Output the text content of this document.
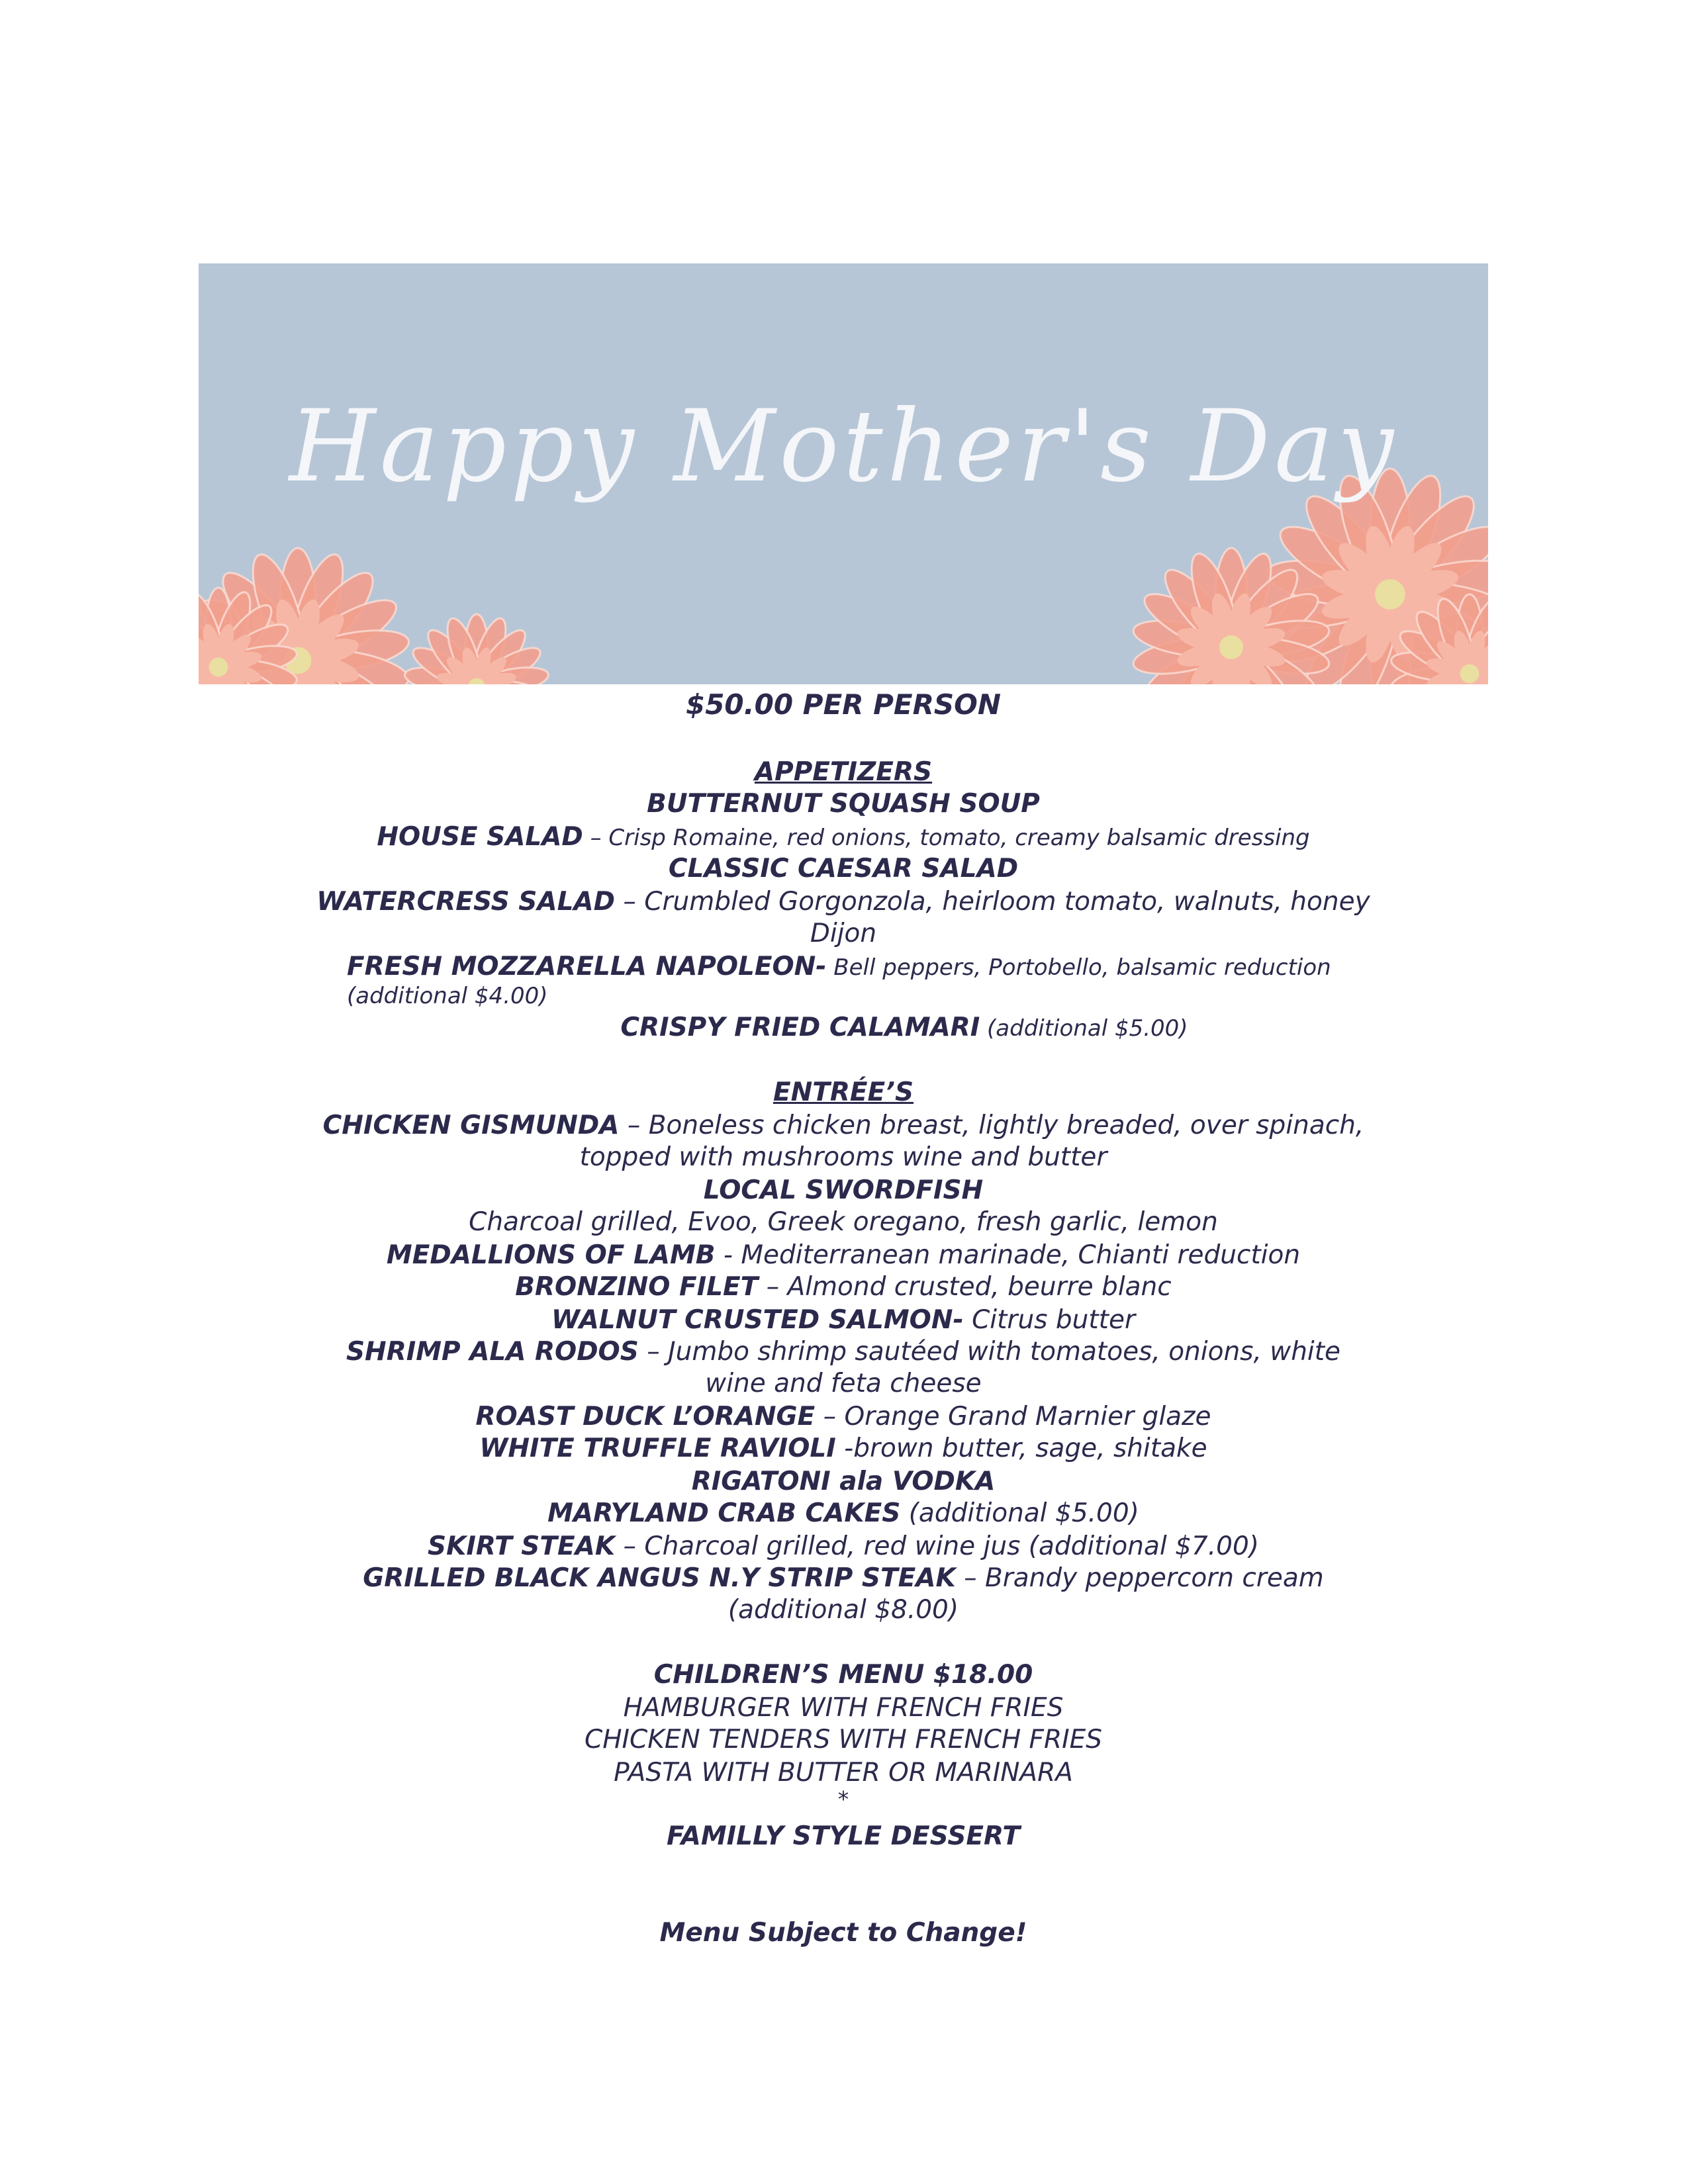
Happy Mother's Day
$50.00 PER PERSON
APPETIZERS
BUTTERNUT SQUASH SOUP
HOUSE SALAD – Crisp Romaine, red onions, tomato, creamy balsamic dressing
CLASSIC CAESAR SALAD
WATERCRESS SALAD – Crumbled Gorgonzola, heirloom tomato, walnuts, honey
Dijon
FRESH MOZZARELLA NAPOLEON- Bell peppers, Portobello, balsamic reduction
(additional $4.00)
CRISPY FRIED CALAMARI (additional $5.00)
ENTRÉE’S
CHICKEN GISMUNDA – Boneless chicken breast, lightly breaded, over spinach,
topped with mushrooms wine and butter
LOCAL SWORDFISH
Charcoal grilled, Evoo, Greek oregano, fresh garlic, lemon
MEDALLIONS OF LAMB - Mediterranean marinade, Chianti reduction
BRONZINO FILET – Almond crusted, beurre blanc
WALNUT CRUSTED SALMON- Citrus butter
SHRIMP ALA RODOS – Jumbo shrimp sautéed with tomatoes, onions, white
wine and feta cheese
ROAST DUCK L’ORANGE – Orange Grand Marnier glaze
WHITE TRUFFLE RAVIOLI -brown butter, sage, shitake
RIGATONI ala VODKA
MARYLAND CRAB CAKES (additional $5.00)
SKIRT STEAK – Charcoal grilled, red wine jus (additional $7.00)
GRILLED BLACK ANGUS N.Y STRIP STEAK – Brandy peppercorn cream
(additional $8.00)
CHILDREN’S MENU $18.00
HAMBURGER WITH FRENCH FRIES
CHICKEN TENDERS WITH FRENCH FRIES
PASTA WITH BUTTER OR MARINARA
*
FAMILLY STYLE DESSERT
Menu Subject to Change!
